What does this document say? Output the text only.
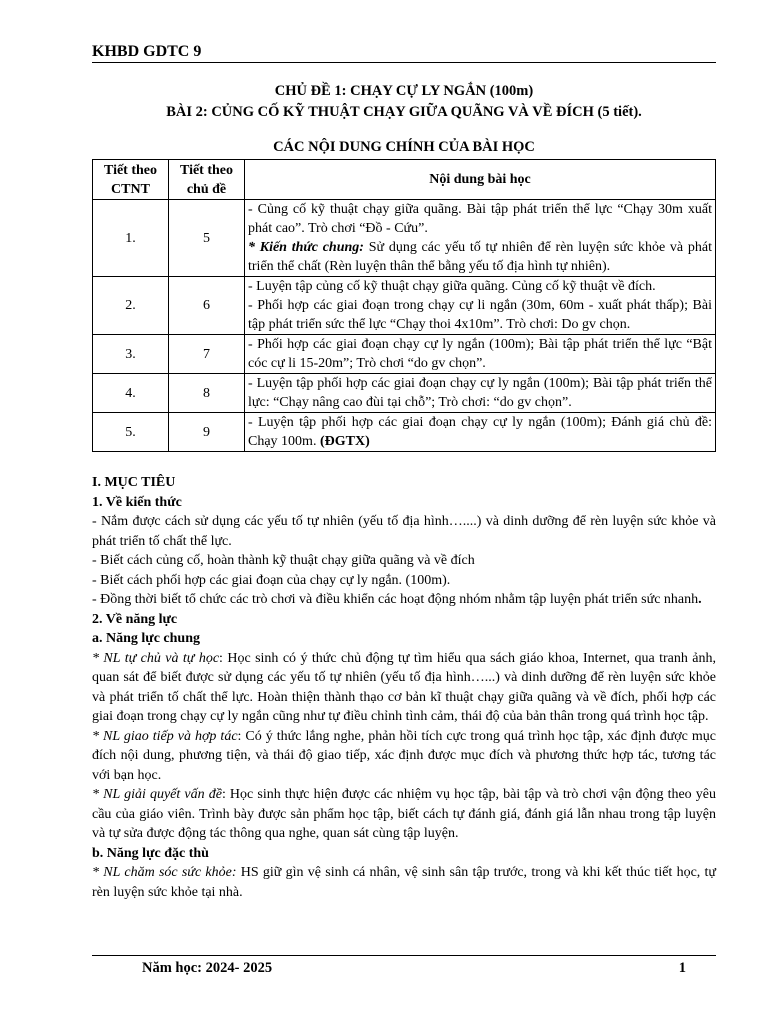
KHBD GDTC 9
CHỦ ĐỀ 1: CHẠY CỰ LY NGẮN (100m)
BÀI 2: CỦNG CỐ KỸ THUẬT CHẠY GIỮA QUÃNG VÀ VỀ ĐÍCH (5 tiết).
CÁC NỘI DUNG CHÍNH CỦA BÀI HỌC
Tiết theo CTNT	Tiết theo chủ đề	Nội dung bài học
1.	5	- Củng cố kỹ thuật chạy giữa quãng. Bài tập phát triển thể lực “Chạy 30m xuất phát cao”. Trò chơi “Đồ - Cứu”.
* Kiến thức chung: Sử dụng các yếu tố tự nhiên để rèn luyện sức khỏe và phát triển thể chất (Rèn luyện thân thể bằng yếu tố địa hình tự nhiên).
2.	6	- Luyện tập củng cố kỹ thuật chạy giữa quãng. Củng cố kỹ thuật về đích.
- Phối hợp các giai đoạn trong chạy cự li ngắn (30m, 60m - xuất phát thấp); Bài tập phát triển sức thể lực “Chạy thoi 4x10m”. Trò chơi: Do gv chọn.
3.	7	- Phối hợp các giai đoạn chạy cự ly ngắn (100m); Bài tập phát triển thể lực “Bật cóc cự li 15-20m”; Trò chơi “do gv chọn”.
4.	8	- Luyện tập phối hợp các giai đoạn chạy cự ly ngắn (100m); Bài tập phát triển thể lực: “Chạy nâng cao đùi tại chỗ”; Trò chơi: “do gv chọn”.
5.	9	- Luyện tập phối hợp các giai đoạn chạy cự ly ngắn (100m); Đánh giá chủ đề: Chạy 100m. (ĐGTX)

I. MỤC TIÊU

1. Về kiến thức

- Nắm được cách sử dụng các yếu tố tự nhiên (yếu tố địa hình…....) và dinh dưỡng để rèn luyện sức khỏe và phát triển tố chất thể lực.

- Biết cách củng cố, hoàn thành kỹ thuật chạy giữa quãng và về đích

- Biết cách phối hợp các giai đoạn của chạy cự ly ngắn. (100m).

- Đồng thời biết tổ chức các trò chơi và điều khiển các hoạt động nhóm nhằm tập luyện phát triển sức nhanh.

2. Về năng lực

a. Năng lực chung

* NL tự chủ và tự học: Học sinh có ý thức chủ động tự tìm hiểu qua sách giáo khoa, Internet, qua tranh ảnh, quan sát để biết được sử dụng các yếu tố tự nhiên (yếu tố địa hình…...) và dinh dưỡng để rèn luyện sức khỏe và phát triển tố chất thể lực. Hoàn thiện thành thạo cơ bản kĩ thuật chạy giữa quãng và về đích, phối hợp các giai đoạn trong chạy cự ly ngắn cũng như tự điều chỉnh tình cảm, thái độ của bản thân trong quá trình học tập.

* NL giao tiếp và hợp tác: Có ý thức lắng nghe, phản hồi tích cực trong quá trình học tập, xác định được mục đích nội dung, phương tiện, và thái độ giao tiếp, xác định được mục đích và phương thức hợp tác, tương tác với bạn học.

* NL giải quyết vấn đề: Học sinh thực hiện được các nhiệm vụ học tập, bài tập và trò chơi vận động theo yêu cầu của giáo viên. Trình bày được sản phẩm học tập, biết cách tự đánh giá, đánh giá lẫn nhau trong tập luyện và tự sửa được động tác thông qua nghe, quan sát cùng tập luyện.

b. Năng lực đặc thù

* NL chăm sóc sức khỏe: HS giữ gìn vệ sinh cá nhân, vệ sinh sân tập trước, trong và khi kết thúc tiết học, tự rèn luyện sức khỏe tại nhà.

Năm học: 2024- 2025	1
